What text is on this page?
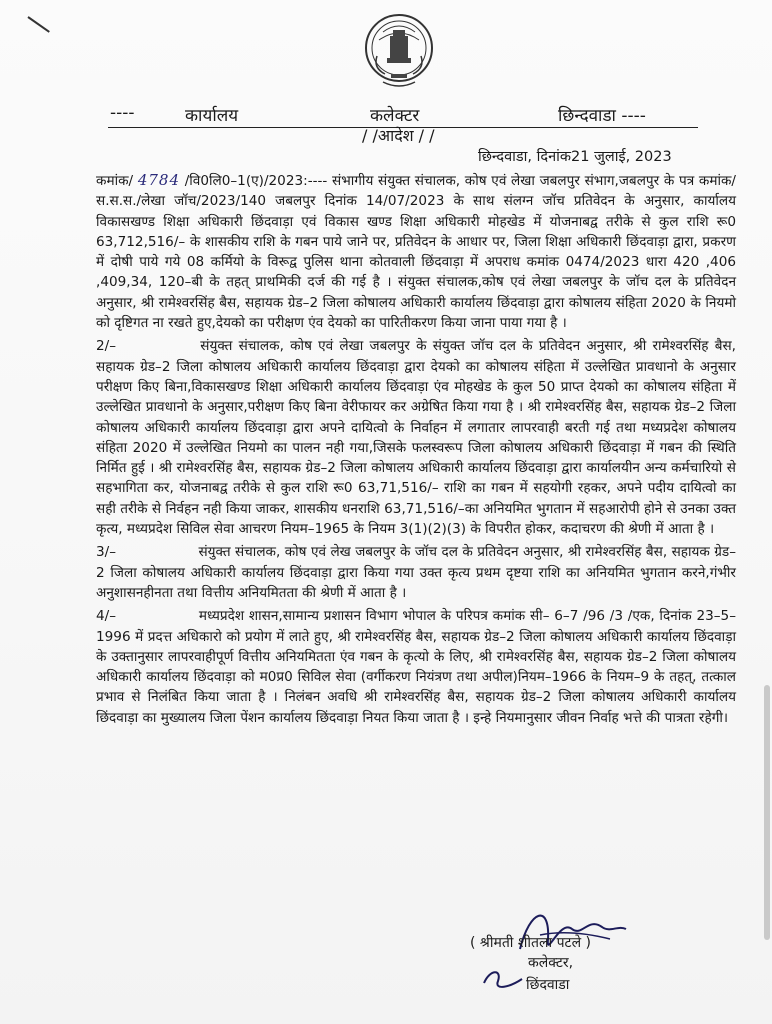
----	कार्यालय	कलेक्टर	छिन्दवाडा ----
/ /आदेश / /
छिन्दवाडा, दिनांक21 जुलाई, 2023

कमांक/ 4784 /वि0लि0–1(ए)/2023:---- संभागीय संयुक्त संचालक, कोष एवं लेखा जबलपुर संभाग,जबलपुर के पत्र कमांक/स.स.स./लेखा जॉच/2023/140 जबलपुर दिनांक 14/07/2023 के साथ संलग्न जॉच प्रतिवेदन के अनुसार, कार्यालय विकासखण्ड शिक्षा अधिकारी छिंदवाड़ा एवं विकास खण्ड शिक्षा अधिकारी मोहखेड में योजनाबद्व तरीके से कुल राशि रू0 63,712,516/– के शासकीय राशि के गबन पाये जाने पर, प्रतिवेदन के आधार पर, जिला शिक्षा अधिकारी छिंदवाड़ा द्वारा, प्रकरण में दोषी पाये गये 08 कर्मियो के विरूद्व पुलिस थाना कोतवाली छिंदवाड़ा में अपराध कमांक 0474/2023 धारा 420 ,406 ,409,34, 120–बी के तहत् प्राथमिकी दर्ज की गई है । संयुक्त संचालक,कोष एवं लेखा जबलपुर के जॉच दल के प्रतिवेदन अनुसार, श्री रामेश्वरसिंह बैस, सहायक ग्रेड–2 जिला कोषालय अधिकारी कार्यालय छिंदवाड़ा द्वारा कोषालय संहिता 2020 के नियमो को दृष्टिगत ना रखते हुए,देयको का परीक्षण एंव देयको का पारितीकरण किया जाना पाया गया है ।

2/–	संयुक्त संचालक, कोष एवं लेखा जबलपुर के संयुक्त जॉच दल के प्रतिवेदन अनुसार, श्री रामेश्वरसिंह बैस, सहायक ग्रेड–2 जिला कोषालय अधिकारी कार्यालय छिंदवाड़ा द्वारा देयको का कोषालय संहिता में उल्लेखित प्रावधानो के अनुसार परीक्षण किए बिना,विकासखण्ड शिक्षा अधिकारी कार्यालय छिंदवाड़ा एंव मोहखेड के कुल 50 प्राप्त देयको का कोषालय संहिता में उल्लेखित प्रावधानो के अनुसार,परीक्षण किए बिना वेरीफायर कर अग्रेषित किया गया है । श्री रामेश्वरसिंह बैस, सहायक ग्रेड–2 जिला कोषालय अधिकारी कार्यालय छिंदवाड़ा द्वारा अपने दायित्वो के निर्वाहन में लगातार लापरवाही बरती गई तथा मध्यप्रदेश कोषालय संहिता 2020 में उल्लेखित नियमो का पालन नही गया,जिसके फलस्वरूप जिला कोषालय अधिकारी छिंदवाड़ा में गबन की स्थिति निर्मित हुई । श्री रामेश्वरसिंह बैस, सहायक ग्रेड–2 जिला कोषालय अधिकारी कार्यालय छिंदवाड़ा द्वारा कार्यालयीन अन्य कर्मचारियो से सहभागिता कर, योजनाबद्व तरीके से कुल राशि रू0 63,71,516/– राशि का गबन में सहयोगी रहकर, अपने पदीय दायित्वो का सही तरीके से निर्वहन नही किया जाकर, शासकीय धनराशि 63,71,516/–का अनियमित भुगतान में सहआरोपी होने से उनका उक्त कृत्य, मध्यप्रदेश सिविल सेवा आचरण नियम–1965 के नियम 3(1)(2)(3) के विपरीत होकर, कदाचरण की श्रेणी में आता है ।

3/–	संयुक्त संचालक, कोष एवं लेख जबलपुर के जॉच दल के प्रतिवेदन अनुसार, श्री रामेश्वरसिंह बैस, सहायक ग्रेड–2 जिला कोषालय अधिकारी कार्यालय छिंदवाड़ा द्वारा किया गया उक्त कृत्य प्रथम दृष्टया राशि का अनियमित भुगतान करने,गंभीर अनुशासनहीनता तथा वित्तीय अनियमितता की श्रेणी में आता है ।

4/–	मध्यप्रदेश शासन,सामान्य प्रशासन विभाग भोपाल के परिपत्र कमांक सी– 6–7 /96 /3 /एक, दिनांक 23–5–1996 में प्रदत्त अधिकारो को प्रयोग में लाते हुए, श्री रामेश्वरसिंह बैस, सहायक ग्रेड–2 जिला कोषालय अधिकारी कार्यालय छिंदवाड़ा के उक्तानुसार लापरवाहीपूर्ण वित्तीय अनियमितता एंव गबन के कृत्यो के लिए, श्री रामेश्वरसिंह बैस, सहायक ग्रेड–2 जिला कोषालय अधिकारी कार्यालय छिंदवाड़ा को म0प्र0 सिविल सेवा (वर्गीकरण नियंत्रण तथा अपील)नियम–1966 के नियम–9 के तहत्, तत्काल प्रभाव से निलंबित किया जाता है । निलंबन अवधि श्री रामेश्वरसिंह बैस, सहायक ग्रेड–2 जिला कोषालय अधिकारी कार्यालय छिंदवाड़ा का मुख्यालय जिला पेंशन कार्यालय छिंदवाड़ा नियत किया जाता है । इन्हे नियमानुसार जीवन निर्वाह भत्ते की पात्रता रहेगी।

( श्रीमती शीतला पटले )
कलेक्टर,
छिंदवाडा
